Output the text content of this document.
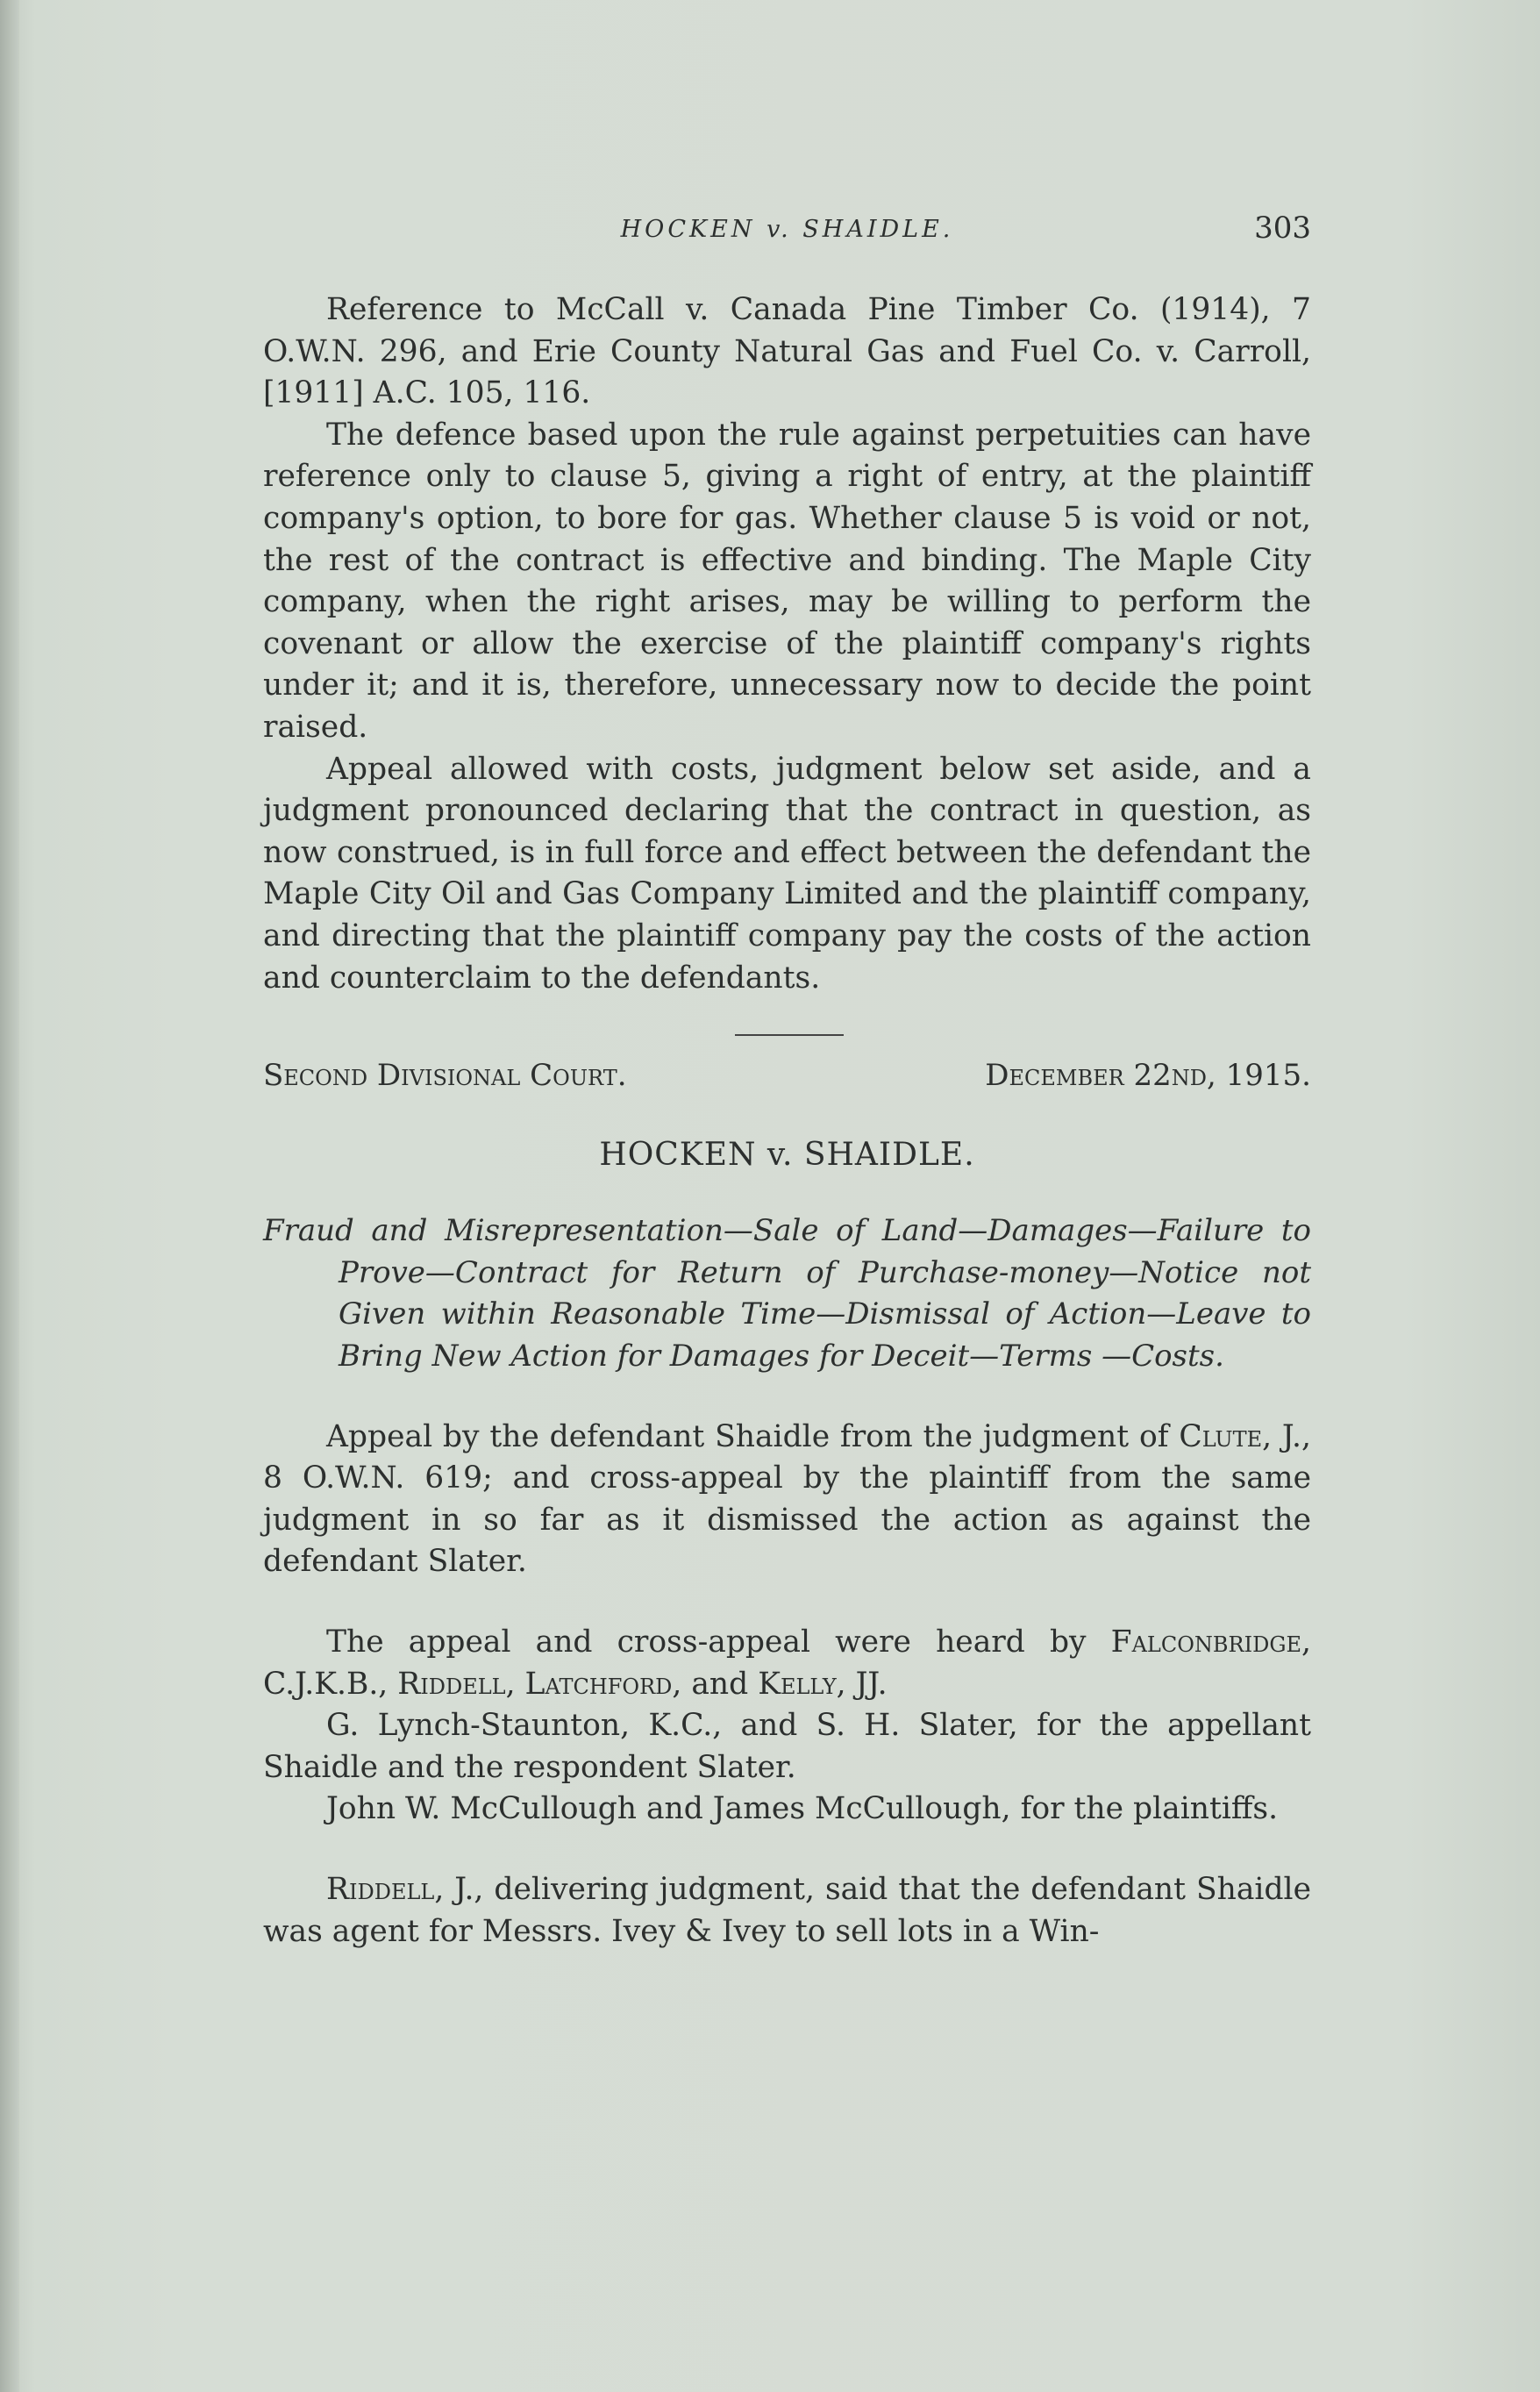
HOCKEN v. SHAIDLE.	303

Reference to McCall v. Canada Pine Timber Co. (1914), 7 O.W.N. 296, and Erie County Natural Gas and Fuel Co. v. Carroll, [1911] A.C. 105, 116.

The defence based upon the rule against perpetuities can have reference only to clause 5, giving a right of entry, at the plaintiff company's option, to bore for gas. Whether clause 5 is void or not, the rest of the contract is effective and binding. The Maple City company, when the right arises, may be willing to perform the covenant or allow the exercise of the plaintiff company's rights under it; and it is, therefore, unnecessary now to decide the point raised.

Appeal allowed with costs, judgment below set aside, and a judgment pronounced declaring that the contract in question, as now construed, is in full force and effect between the defendant the Maple City Oil and Gas Company Limited and the plaintiff company, and directing that the plaintiff company pay the costs of the action and counterclaim to the defendants.

Second Divisional Court.	December 22nd, 1915.
HOCKEN v. SHAIDLE.

Fraud and Misrepresentation—Sale of Land—Damages—Failure to Prove—Contract for Return of Purchase-money—Notice not Given within Reasonable Time—Dismissal of Action—Leave to Bring New Action for Damages for Deceit—Terms —Costs.

Appeal by the defendant Shaidle from the judgment of Clute, J., 8 O.W.N. 619; and cross-appeal by the plaintiff from the same judgment in so far as it dismissed the action as against the defendant Slater.

The appeal and cross-appeal were heard by Falconbridge, C.J.K.B., Riddell, Latchford, and Kelly, JJ.

G. Lynch-Staunton, K.C., and S. H. Slater, for the appellant Shaidle and the respondent Slater.

John W. McCullough and James McCullough, for the plaintiffs.

Riddell, J., delivering judgment, said that the defendant Shaidle was agent for Messrs. Ivey & Ivey to sell lots in a Win-
